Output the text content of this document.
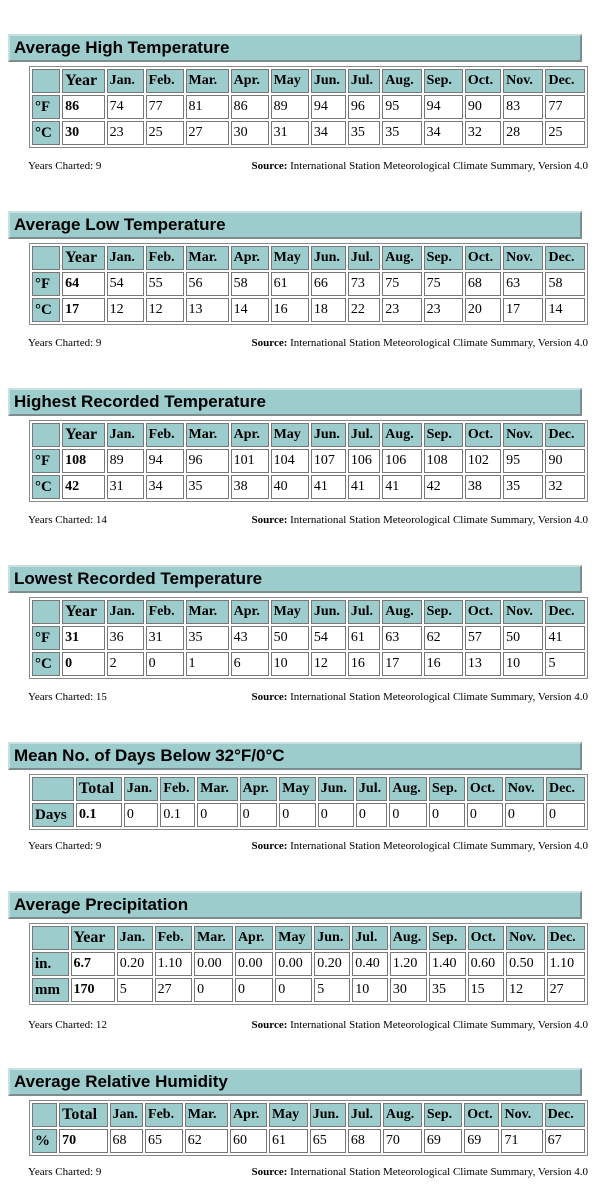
Average High Temperature
	Year	Jan.	Feb.	Mar.	Apr.	May	Jun.	Jul.	Aug.	Sep.	Oct.	Nov.	Dec.
°F	86	74	77	81	86	89	94	96	95	94	90	83	77
°C	30	23	25	27	30	31	34	35	35	34	32	28	25
Years Charted: 9	Source: International Station Meteorological Climate Summary, Version 4.0
Average Low Temperature
	Year	Jan.	Feb.	Mar.	Apr.	May	Jun.	Jul.	Aug.	Sep.	Oct.	Nov.	Dec.
°F	64	54	55	56	58	61	66	73	75	75	68	63	58
°C	17	12	12	13	14	16	18	22	23	23	20	17	14
Years Charted: 9	Source: International Station Meteorological Climate Summary, Version 4.0
Highest Recorded Temperature
	Year	Jan.	Feb.	Mar.	Apr.	May	Jun.	Jul.	Aug.	Sep.	Oct.	Nov.	Dec.
°F	108	89	94	96	101	104	107	106	106	108	102	95	90
°C	42	31	34	35	38	40	41	41	41	42	38	35	32
Years Charted: 14	Source: International Station Meteorological Climate Summary, Version 4.0
Lowest Recorded Temperature
	Year	Jan.	Feb.	Mar.	Apr.	May	Jun.	Jul.	Aug.	Sep.	Oct.	Nov.	Dec.
°F	31	36	31	35	43	50	54	61	63	62	57	50	41
°C	0	2	0	1	6	10	12	16	17	16	13	10	5
Years Charted: 15	Source: International Station Meteorological Climate Summary, Version 4.0
Mean No. of Days Below 32°F/0°C
	Total	Jan.	Feb.	Mar.	Apr.	May	Jun.	Jul.	Aug.	Sep.	Oct.	Nov.	Dec.
Days	0.1	0	0.1	0	0	0	0	0	0	0	0	0	0
Years Charted: 9	Source: International Station Meteorological Climate Summary, Version 4.0
Average Precipitation
	Year	Jan.	Feb.	Mar.	Apr.	May	Jun.	Jul.	Aug.	Sep.	Oct.	Nov.	Dec.
in.	6.7	0.20	1.10	0.00	0.00	0.00	0.20	0.40	1.20	1.40	0.60	0.50	1.10
mm	170	5	27	0	0	0	5	10	30	35	15	12	27
Years Charted: 12	Source: International Station Meteorological Climate Summary, Version 4.0
Average Relative Humidity
	Total	Jan.	Feb.	Mar.	Apr.	May	Jun.	Jul.	Aug.	Sep.	Oct.	Nov.	Dec.
%	70	68	65	62	60	61	65	68	70	69	69	71	67
Years Charted: 9	Source: International Station Meteorological Climate Summary, Version 4.0
